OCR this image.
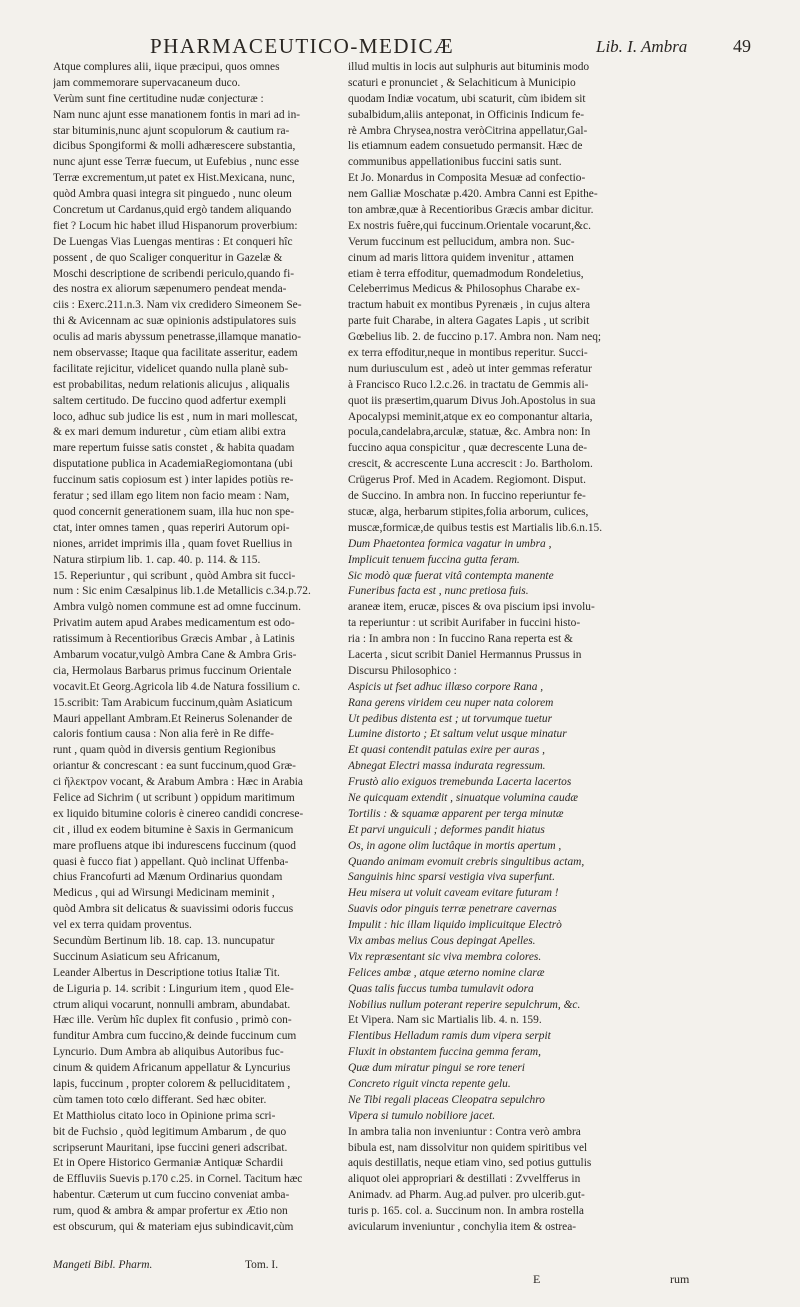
PHARMACEUTICO-MEDICÆ	Lib. I. Ambra	49
Atque complures alii, iique præcipui, quos omnes
jam commemorare supervacaneum duco.
Verùm sunt fine certitudine nudæ conjecturæ :
Nam nunc ajunt esse manationem fontis in mari ad in-
star bituminis,nunc ajunt scopulorum & cautium ra-
dicibus Spongiformi & molli adhærescere substantia,
nunc ajunt esse Terræ fuecum, ut Eufebius , nunc esse
Terræ excrementum,ut patet ex Hist.Mexicana, nunc,
quòd Ambra quasi integra sit pinguedo , nunc oleum
Concretum ut Cardanus,quid ergò tandem aliquando
fiet ? Locum hic habet illud Hispanorum proverbium:
De Luengas Vias Luengas mentiras : Et conqueri hîc
possent , de quo Scaliger conqueritur in Gazelæ &
Moschi descriptione de scribendi periculo,quando fi-
des nostra ex aliorum sæpenumero pendeat menda-
ciis : Exerc.211.n.3. Nam vix credidero Simeonem Se-
thi & Avicennam ac suæ opinionis adstipulatores suis
oculis ad maris abyssum penetrasse,illamque manatio-
nem observasse; Itaque qua facilitate asseritur, eadem
facilitate rejicitur, videlicet quando nulla planè sub-
est probabilitas, nedum relationis alicujus , aliqualis
saltem certitudo. De fuccino quod adfertur exempli
loco, adhuc sub judice lis est , num in mari mollescat,
& ex mari demum induretur , cùm etiam alibi extra
mare repertum fuisse satis constet , & habita quadam
disputatione publica in AcademiaRegiomontana (ubi
fuccinum satis copiosum est ) inter lapides potiùs re-
feratur ; sed illam ego litem non facio meam : Nam,
quod concernit generationem suam, illa huc non spe-
ctat, inter omnes tamen , quas reperiri Autorum opi-
niones, arridet imprimis illa , quam fovet Ruellius in
Natura stirpium lib. 1. cap. 40. p. 114. & 115.
15. Reperiuntur , qui scribunt , quòd Ambra sit fucci-
num : Sic enim Cæsalpinus lib.1.de Metallicis c.34.p.72.
Ambra vulgò nomen commune est ad omne fuccinum.
Privatim autem apud Arabes medicamentum est odo-
ratissimum à Recentioribus Græcis Ambar , à Latinis
Ambarum vocatur,vulgò Ambra Cane & Ambra Gris-
cia, Hermolaus Barbarus primus fuccinum Orientale
vocavit.Et Georg.Agricola lib 4.de Natura fossilium c.
15.scribit: Tam Arabicum fuccinum,quàm Asiaticum
Mauri appellant Ambram.Et Reinerus Solenander de
caloris fontium causa : Non alia ferè in Re diffe-
runt , quam quòd in diversis gentium Regionibus
oriantur & concrescant : ea sunt fuccinum,quod Græ-
ci ἤλεκτρον vocant, & Arabum Ambra : Hæc in Arabia
Felice ad Sichrim ( ut scribunt ) oppidum maritimum
ex liquido bitumine coloris è cinereo candidi concrese-
cit , illud ex eodem bitumine è Saxis in Germanicum
mare profluens atque ibi indurescens fuccinum (quod
quasi è fucco fiat ) appellant. Quò inclinat Uffenba-
chius Francofurti ad Mænum Ordinarius quondam
Medicus , qui ad Wirsungi Medicinam meminit ,
quòd Ambra sit delicatus & suavissimi odoris fuccus
vel ex terra quidam proventus.
Secundùm Bertinum lib. 18. cap. 13. nuncupatur
Succinum Asiaticum seu Africanum,
Leander Albertus in Descriptione totius Italiæ Tit.
de Liguria p. 14. scribit : Lingurium item , quod Ele-
ctrum aliqui vocarunt, nonnulli ambram, abundabat.
Hæc ille. Verùm hîc duplex fit confusio , primò con-
funditur Ambra cum fuccino,& deinde fuccinum cum
Lyncurio. Dum Ambra ab aliquibus Autoribus fuc-
cinum & quidem Africanum appellatur & Lyncurius
lapis, fuccinum , propter colorem & pelluciditatem ,
cùm tamen toto cœlo differant. Sed hæc obiter.
Et Matthiolus citato loco in Opinione prima scri-
bit de Fuchsio , quòd legitimum Ambarum , de quo
scripserunt Mauritani, ipse fuccini generi adscribat.
Et in Opere Historico Germaniæ Antiquæ Schardii
de Effluviis Suevis p.170 c.25. in Cornel. Tacitum hæc
habentur. Cæterum ut cum fuccino conveniat amba-
rum, quod & ambra & ampar profertur ex Ætio non
est obscurum, qui & materiam ejus subindicavit,cùm
illud multis in locis aut sulphuris aut bituminis modo
scaturi e pronunciet , & Selachiticum à Municipio
quodam Indiæ vocatum, ubi scaturit, cùm ibidem sit
subalbidum,aliis anteponat, in Officinis Indicum fe-
rè Ambra Chrysea,nostra veròCitrina appellatur,Gal-
lis etiamnum eadem consuetudo permansit. Hæc de
communibus appellationibus fuccini satis sunt.
Et Jo. Monardus in Composita Mesuæ ad confectio-
nem Galliæ Moschatæ p.420. Ambra Canni est Epithe-
ton ambræ,quæ à Recentioribus Græcis ambar dicitur.
Ex nostris fuêre,qui fuccinum.Orientale vocarunt,&c.
Verum fuccinum est pellucidum, ambra non. Suc-
cinum ad maris littora quidem invenitur , attamen
etiam è terra effoditur, quemadmodum Rondeletius,
Celeberrimus Medicus & Philosophus Charabe ex-
tractum habuit ex montibus Pyrenæis , in cujus altera
parte fuit Charabe, in altera Gagates Lapis , ut scribit
Gœbelius lib. 2. de fuccino p.17. Ambra non. Nam neq;
ex terra effoditur,neque in montibus reperitur. Succi-
num duriusculum est , adeò ut inter gemmas referatur
à Francisco Ruco l.2.c.26. in tractatu de Gemmis ali-
quot iis præsertim,quarum Divus Joh.Apostolus in sua
Apocalypsi meminit,atque ex eo componantur altaria,
pocula,candelabra,arculæ, statuæ, &c. Ambra non: In
fuccino aqua conspicitur , quæ decrescente Luna de-
crescit, & accrescente Luna accrescit : Jo. Bartholom.
Crügerus Prof. Med in Academ. Regiomont. Disput.
de Succino. In ambra non. In fuccino reperiuntur fe-
stucæ, alga, herbarum stipites,folia arborum, culices,
muscæ,formicæ,de quibus testis est Martialis lib.6.n.15.
Dum Phaetontea formica vagatur in umbra ,
Implicuit tenuem fuccina gutta feram.
Sic modò quæ fuerat vitâ contempta manente
Funeribus facta est , nunc pretiosa fuis.
araneæ item, erucæ, pisces & ova piscium ipsi involu-
ta reperiuntur : ut scribit Aurifaber in fuccini histo-
ria : In ambra non : In fuccino Rana reperta est &
Lacerta , sicut scribit Daniel Hermannus Prussus in
Discursu Philosophico :
Aspicis ut fset adhuc illæso corpore Rana ,
Rana gerens viridem ceu nuper nata colorem
Ut pedibus distenta est ; ut torvumque tuetur
Lumine distorto ; Et saltum velut usque minatur
Et quasi contendit patulas exire per auras ,
Abnegat Electri massa indurata regressum.
Frustò alio exiguos tremebunda Lacerta lacertos
Ne quicquam extendit , sinuatque volumina caudæ
Tortilis : & squamæ apparent per terga minutæ
Et parvi unguiculi ; deformes pandit hiatus
Os, in agone olim luctâque in mortis apertum ,
Quando animam evomuit crebris singultibus actam,
Sanguinis hinc sparsi vestigia viva superfunt.
Heu misera ut voluit caveam evitare futuram !
Suavis odor pinguis terræ penetrare cavernas
Impulit : hic illam liquido implicuitque Electrò
Vix ambas melius Cous depingat Apelles.
Vix repræsentant sic viva membra colores.
Felices ambæ , atque æterno nomine claræ
Quas talis fuccus tumba tumulavit odora
Nobilius nullum poterant reperire sepulchrum, &c.
Et Vipera. Nam sic Martialis lib. 4. n. 159.
Flentibus Helladum ramis dum vipera serpit
Fluxit in obstantem fuccina gemma feram,
Quæ dum miratur pingui se rore teneri
Concreto riguit vincta repente gelu.
Ne Tibi regali placeas Cleopatra sepulchro
Vipera si tumulo nobiliore jacet.
In ambra talia non inveniuntur : Contra verò ambra
bibula est, nam dissolvitur non quidem spiritibus vel
aquis destillatis, neque etiam vino, sed potius guttulis
aliquot olei appropriari & destillati : Zvvelfferus in
Animadv. ad Pharm. Aug.ad pulver. pro ulcerib.gut-
turis p. 165. col. a. Succinum non. In ambra rostella
avicularum inveniuntur , conchylia item & ostrea-
Mangeti Bibl. Pharm.	Tom. I.
E	rum
